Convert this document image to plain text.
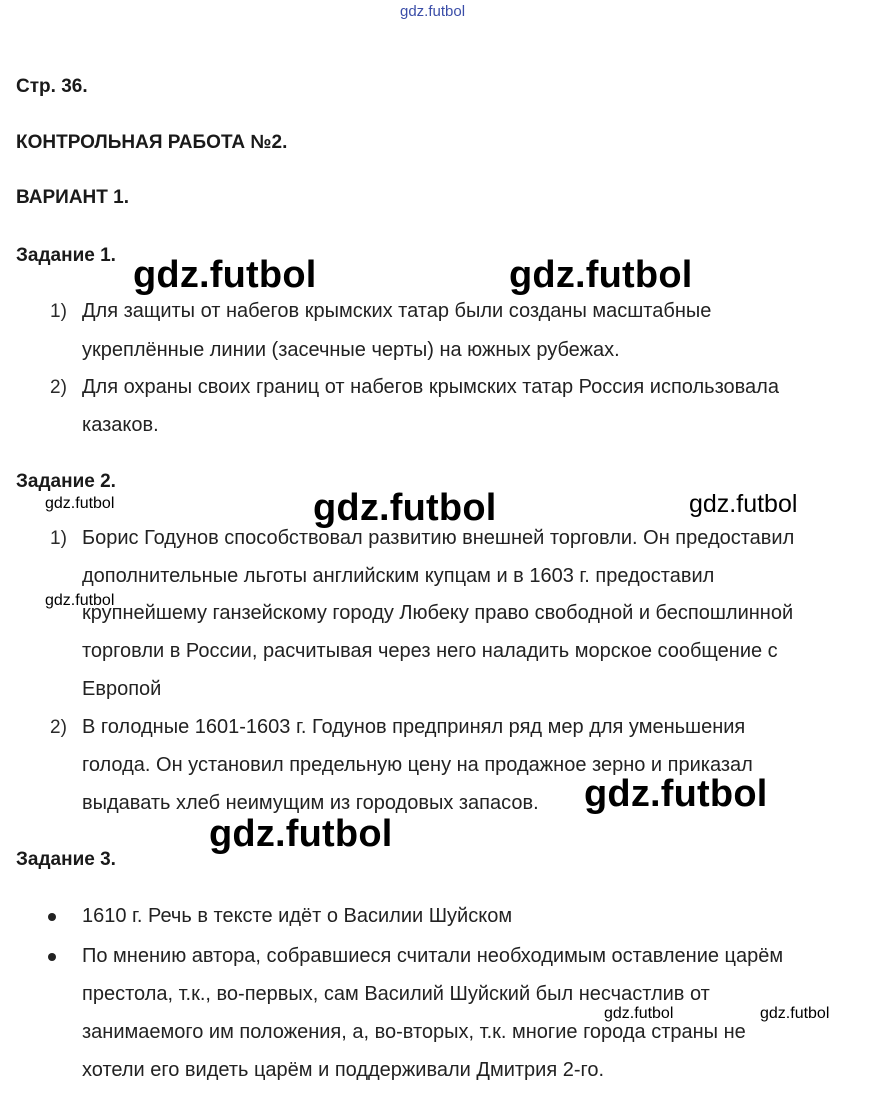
gdz.futbol
Стр. 36.
КОНТРОЛЬНАЯ РАБОТА №2.
ВАРИАНТ 1.
Задание 1.
1) Для защиты от набегов крымских татар были созданы масштабные
укреплённые линии (засечные черты) на южных рубежах.
2) Для охраны своих границ от набегов крымских татар Россия использовала
казаков.
Задание 2.
1) Борис Годунов способствовал развитию внешней торговли. Он предоставил
дополнительные льготы английским купцам и в 1603 г. предоставил
крупнейшему ганзейскому городу Любеку право свободной и беспошлинной
торговли в России, расчитывая через него наладить морское сообщение с
Европой
2) В голодные 1601-1603 г. Годунов предпринял ряд мер для уменьшения
голода. Он установил предельную цену на продажное зерно и приказал
выдавать хлеб неимущим из городовых запасов.
Задание 3.
1610 г. Речь в тексте идёт о Василии Шуйском
По мнению автора, собравшиеся считали необходимым оставление царём
престола, т.к., во-первых, сам Василий Шуйский был несчастлив от
занимаемого им положения, а, во-вторых, т.к. многие города страны не
хотели его видеть царём и поддерживали Дмитрия 2-го.
gdz.futbol	gdz.futbol
gdz.futbol
gdz.futbol
gdz.futbol
gdz.futbol	gdz.futbol
gdz.futbol
gdz.futbol	gdz.futbol
